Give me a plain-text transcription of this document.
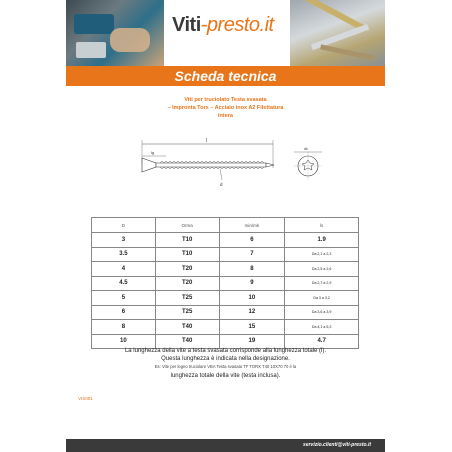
Viti-presto.it
Scheda tecnica
Viti per truciolato Testa svasata
– Impronta Torx – Acciaio inox A2 Filettatura
intera
l
lg
d
dk
D	Orma	min/mk	ls
3	T10	6	1.9
3.5	T10	7	Da 2,1 a 2,3
4	T20	8	Da 2,5 a 2,6
4.5	T20	9	Da 2,7 a 2,9
5	T25	10	Da 3 a 3,2
6	T25	12	Da 3,6 a 3,9
8	T40	15	Da 4,1 a 5,3
10	T40	19	4.7
La lunghezza della vite a testa svasata corrisponde alla lunghezza totale (l).
Questa lunghezza è indicata nella designazione.
Es: Vite per legno truciolare VBA Testa svasata TF TORX T40 10X70 70 è la
lunghezza totale della vite (testa inclusa).
VIS001
servizio.clienti@viti-presto.it
